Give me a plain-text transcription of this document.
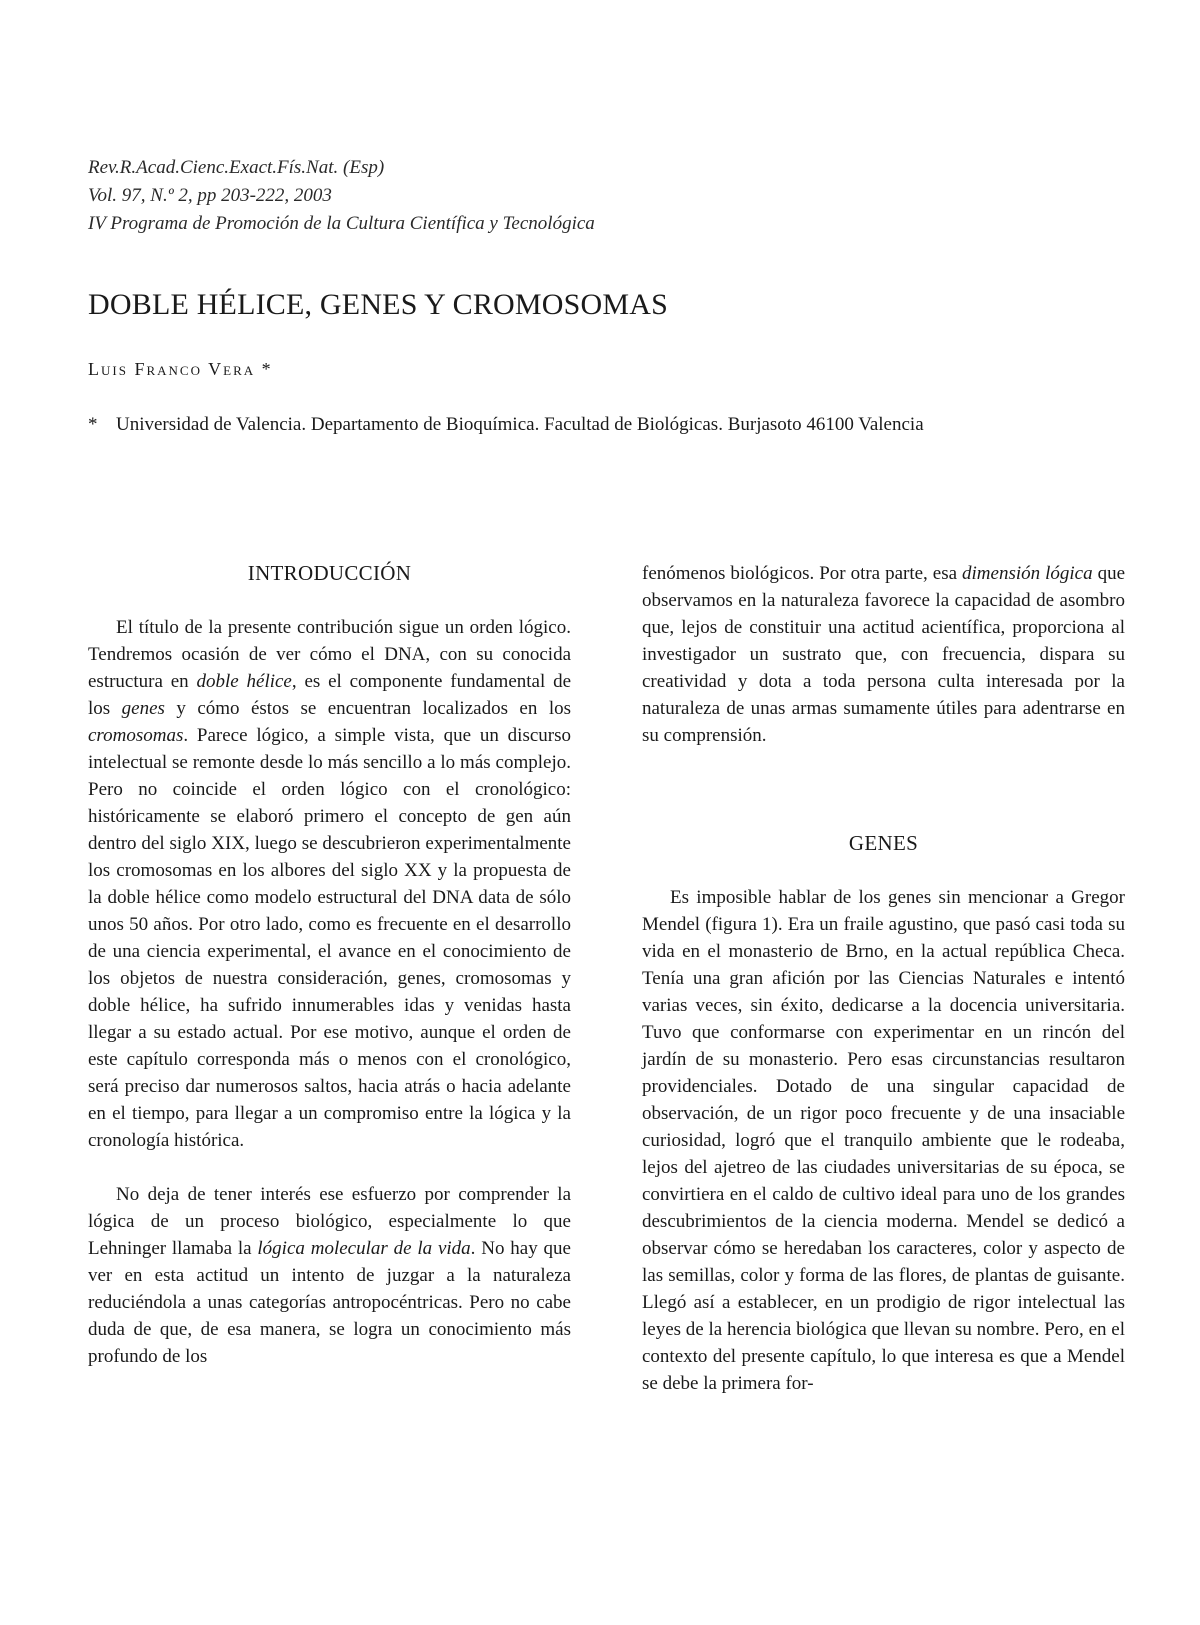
Rev.R.Acad.Cienc.Exact.Fís.Nat. (Esp)
Vol. 97, N.º 2, pp 203-222, 2003
IV Programa de Promoción de la Cultura Científica y Tecnológica
DOBLE HÉLICE, GENES Y CROMOSOMAS
Luis Franco Vera *
* Universidad de Valencia. Departamento de Bioquímica. Facultad de Biológicas. Burjasoto 46100 Valencia
INTRODUCCIÓN

El título de la presente contribución sigue un orden lógico. Tendremos ocasión de ver cómo el DNA, con su conocida estructura en doble hélice, es el componente fundamental de los genes y cómo éstos se encuentran localizados en los cromosomas. Parece lógico, a simple vista, que un discurso intelectual se remonte desde lo más sencillo a lo más complejo. Pero no coincide el orden lógico con el cronológico: históricamente se elaboró primero el concepto de gen aún dentro del siglo XIX, luego se descubrieron experimentalmente los cromosomas en los albores del siglo XX y la propuesta de la doble hélice como modelo estructural del DNA data de sólo unos 50 años. Por otro lado, como es frecuente en el desarrollo de una ciencia experimental, el avance en el conocimiento de los objetos de nuestra consideración, genes, cromosomas y doble hélice, ha sufrido innumerables idas y venidas hasta llegar a su estado actual. Por ese motivo, aunque el orden de este capítulo corresponda más o menos con el cronológico, será preciso dar numerosos saltos, hacia atrás o hacia adelante en el tiempo, para llegar a un compromiso entre la lógica y la cronología histórica.

No deja de tener interés ese esfuerzo por comprender la lógica de un proceso biológico, especialmente lo que Lehninger llamaba la lógica molecular de la vida. No hay que ver en esta actitud un intento de juzgar a la naturaleza reduciéndola a unas categorías antropocéntricas. Pero no cabe duda de que, de esa manera, se logra un conocimiento más profundo de los

fenómenos biológicos. Por otra parte, esa dimensión lógica que observamos en la naturaleza favorece la capacidad de asombro que, lejos de constituir una actitud acientífica, proporciona al investigador un sustrato que, con frecuencia, dispara su creatividad y dota a toda persona culta interesada por la naturaleza de unas armas sumamente útiles para adentrarse en su comprensión.

GENES

Es imposible hablar de los genes sin mencionar a Gregor Mendel (figura 1). Era un fraile agustino, que pasó casi toda su vida en el monasterio de Brno, en la actual república Checa. Tenía una gran afición por las Ciencias Naturales e intentó varias veces, sin éxito, dedicarse a la docencia universitaria. Tuvo que conformarse con experimentar en un rincón del jardín de su monasterio. Pero esas circunstancias resultaron providenciales. Dotado de una singular capacidad de observación, de un rigor poco frecuente y de una insaciable curiosidad, logró que el tranquilo ambiente que le rodeaba, lejos del ajetreo de las ciudades universitarias de su época, se convirtiera en el caldo de cultivo ideal para uno de los grandes descubrimientos de la ciencia moderna. Mendel se dedicó a observar cómo se heredaban los caracteres, color y aspecto de las semillas, color y forma de las flores, de plantas de guisante. Llegó así a establecer, en un prodigio de rigor intelectual las leyes de la herencia biológica que llevan su nombre. Pero, en el contexto del presente capítulo, lo que interesa es que a Mendel se debe la primera for-
